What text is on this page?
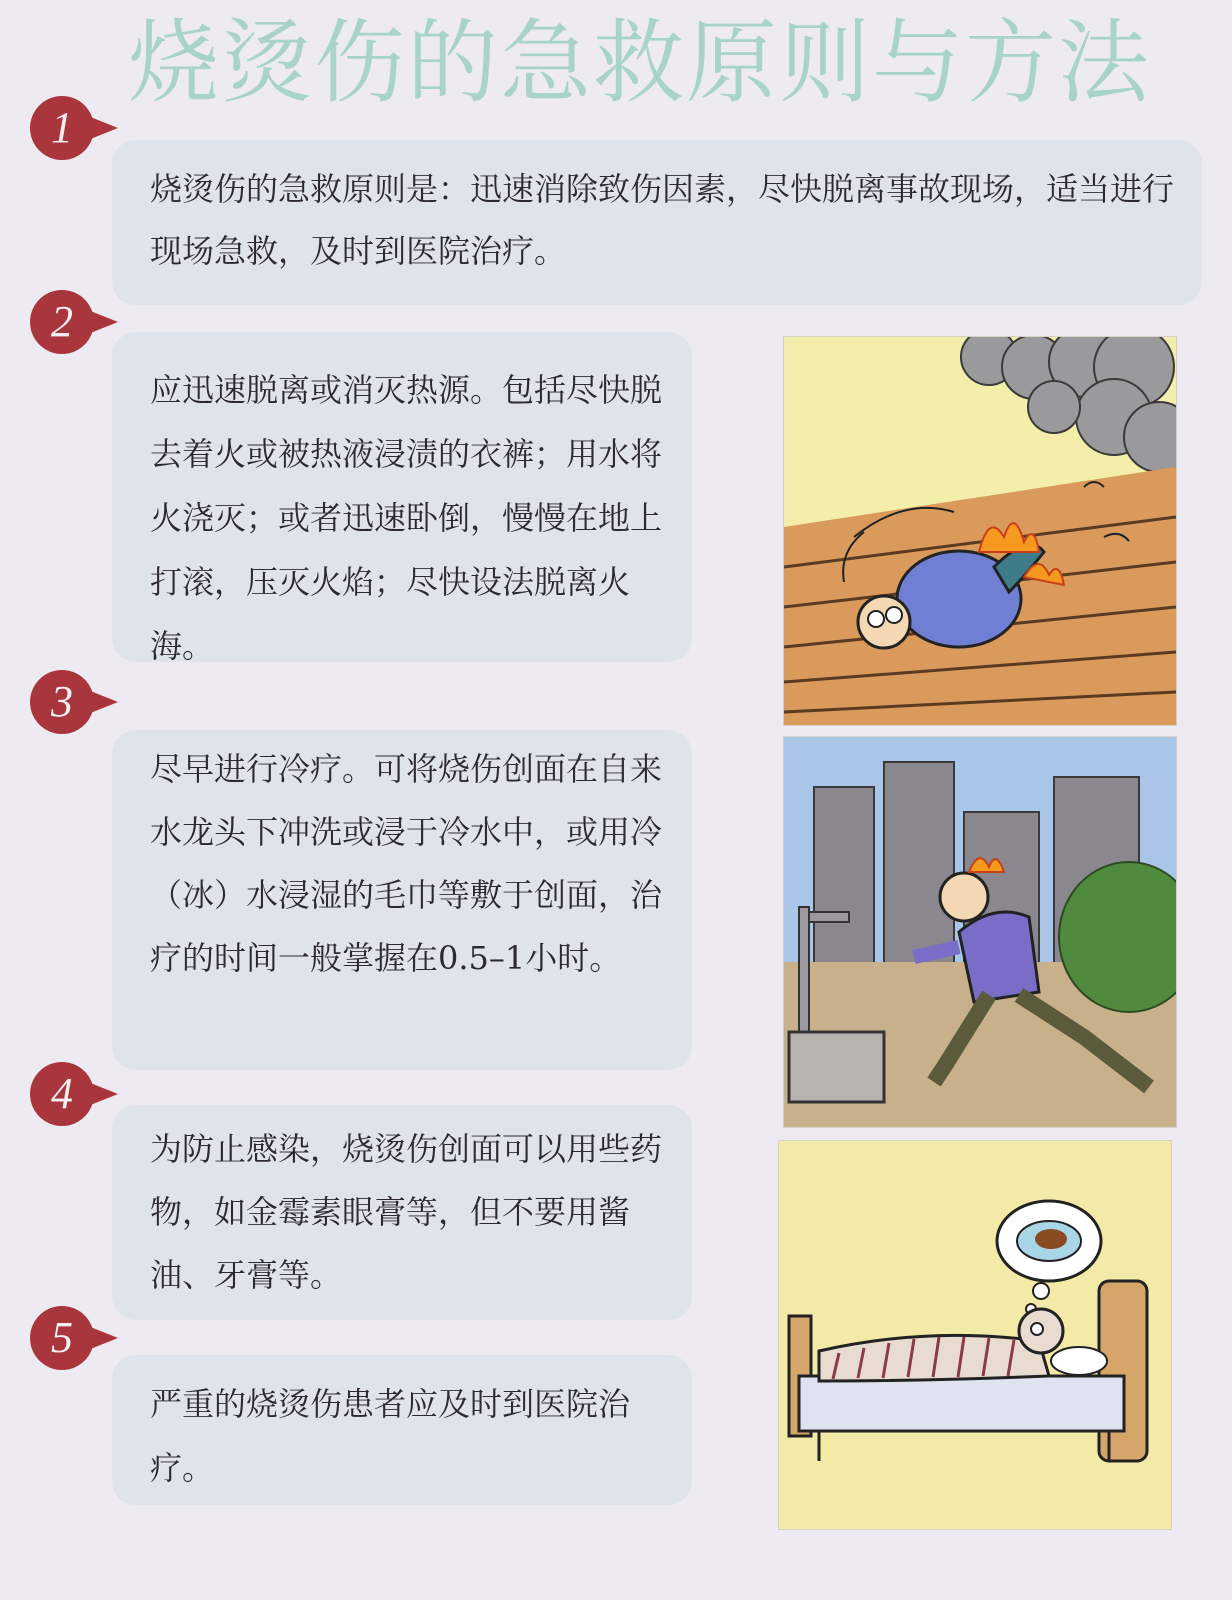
烧烫伤的急救原则与方法
1

烧烫伤的急救原则是：迅速消除致伤因素，尽快脱离事故现场，适当进行现场急救，及时到医院治疗。

2

应迅速脱离或消灭热源。包括尽快脱去着火或被热液浸渍的衣裤；用水将火浇灭；或者迅速卧倒，慢慢在地上打滚，压灭火焰；尽快设法脱离火海。

3

尽早进行冷疗。可将烧伤创面在自来水龙头下冲洗或浸于冷水中，或用冷（冰）水浸湿的毛巾等敷于创面，治疗的时间一般掌握在0.5–1小时。

4

为防止感染，烧烫伤创面可以用些药物，如金霉素眼膏等，但不要用酱油、牙膏等。

5

严重的烧烫伤患者应及时到医院治疗。
